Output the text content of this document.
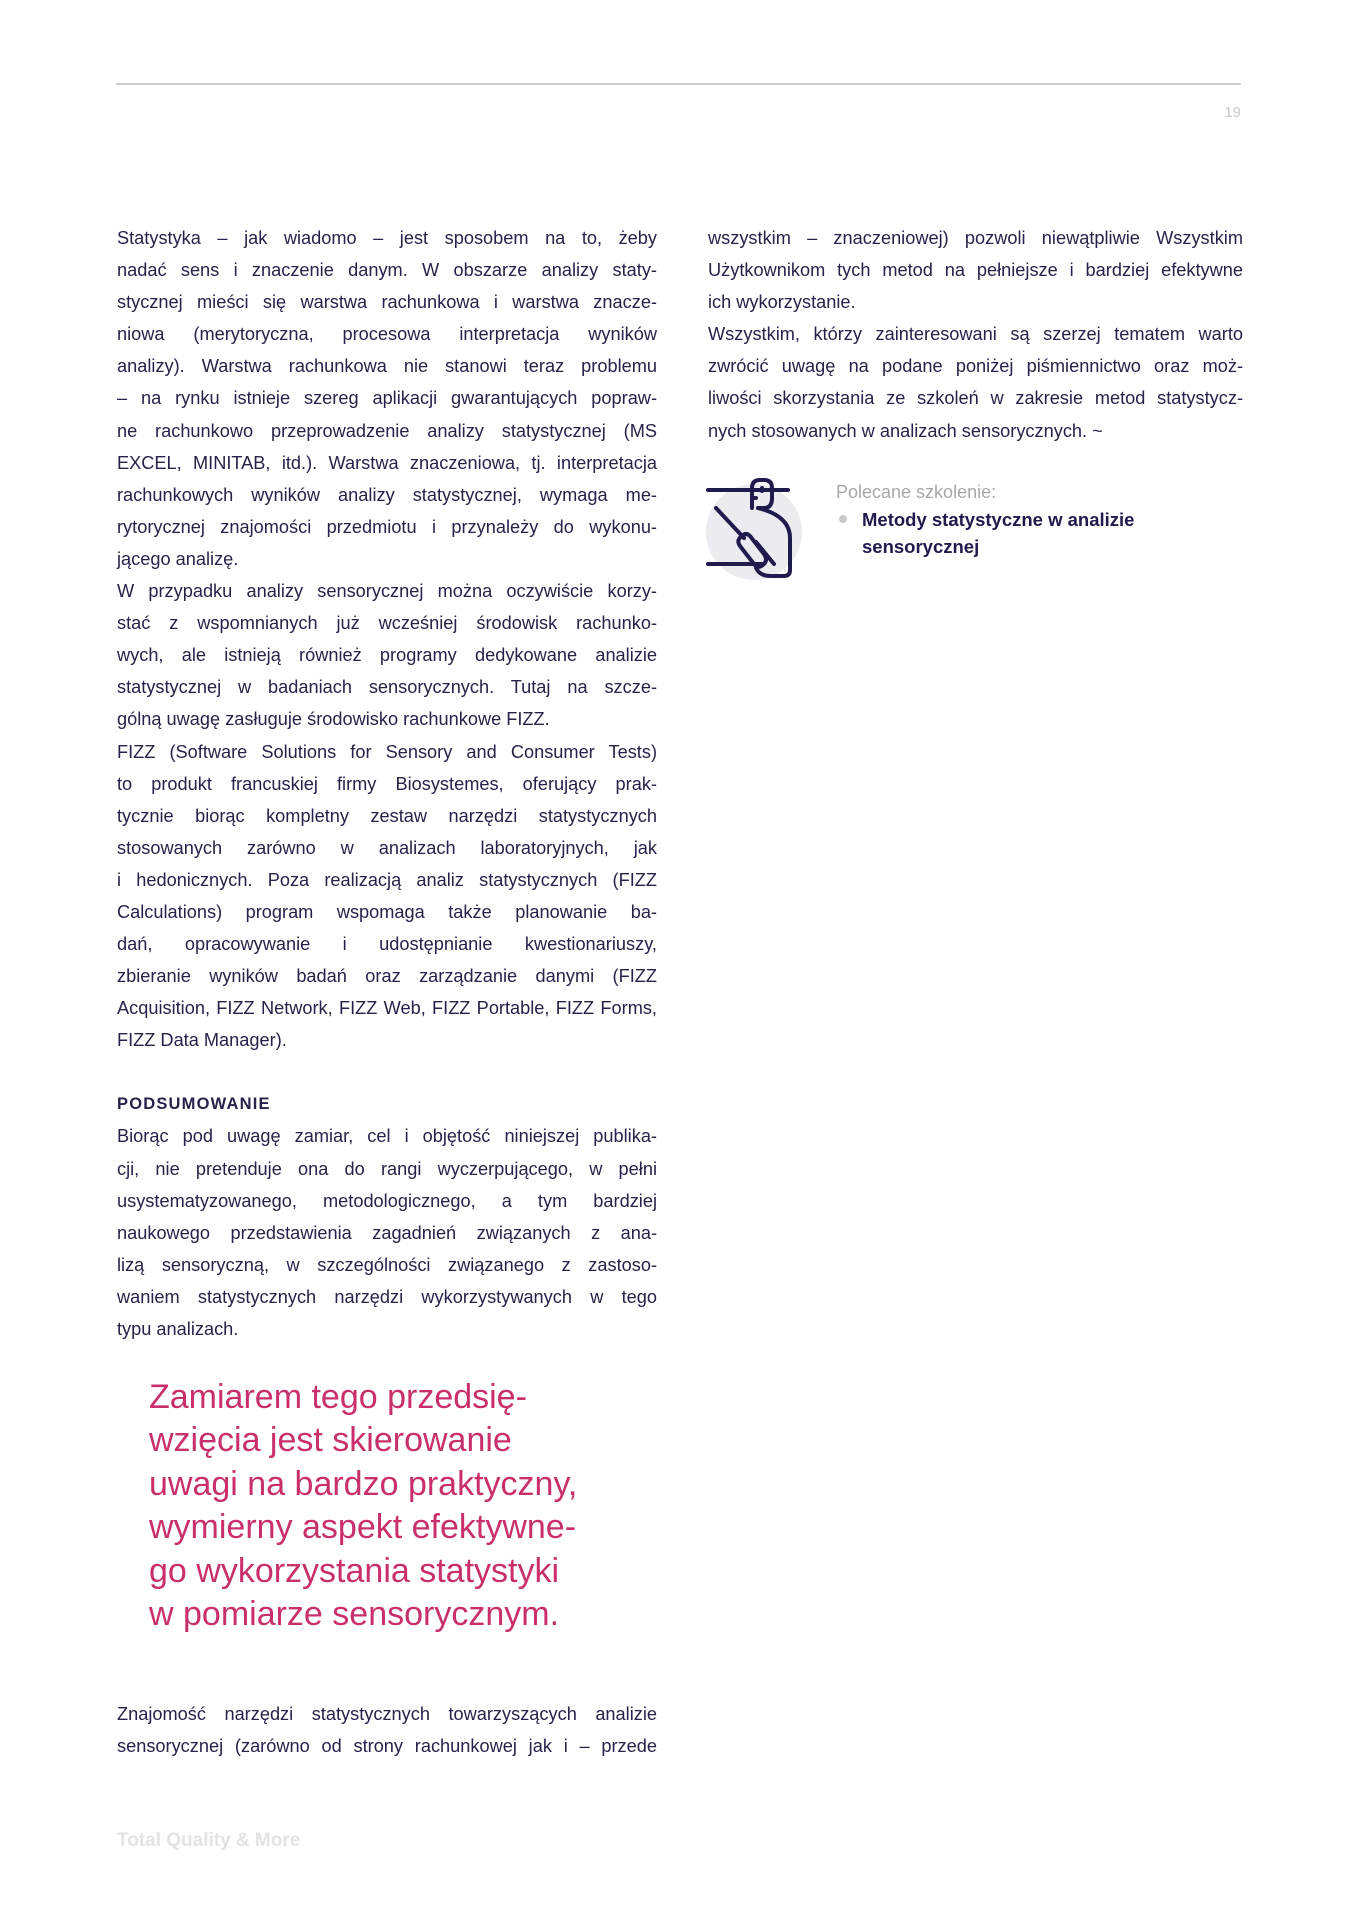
19

Statystyka – jak wiadomo – jest sposobem na to, żeby
nadać sens i znaczenie danym. W obszarze analizy staty-
stycznej mieści się warstwa rachunkowa i warstwa znacze-
niowa (merytoryczna, procesowa interpretacja wyników
analizy). Warstwa rachunkowa nie stanowi teraz problemu
– na rynku istnieje szereg aplikacji gwarantujących popraw-
ne rachunkowo przeprowadzenie analizy statystycznej (MS
EXCEL, MINITAB, itd.). Warstwa znaczeniowa, tj. interpretacja
rachunkowych wyników analizy statystycznej, wymaga me-
rytorycznej znajomości przedmiotu i przynależy do wykonu-
jącego analizę.

W przypadku analizy sensorycznej można oczywiście korzy-
stać z wspomnianych już wcześniej środowisk rachunko-
wych, ale istnieją również programy dedykowane analizie
statystycznej w badaniach sensorycznych. Tutaj na szcze-
gólną uwagę zasługuje środowisko rachunkowe FIZZ.

FIZZ (Software Solutions for Sensory and Consumer Tests)
to produkt francuskiej firmy Biosystemes, oferujący prak-
tycznie biorąc kompletny zestaw narzędzi statystycznych
stosowanych zarówno w analizach laboratoryjnych, jak
i hedonicznych. Poza realizacją analiz statystycznych (FIZZ
Calculations) program wspomaga także planowanie ba-
dań, opracowywanie i udostępnianie kwestionariuszy,
zbieranie wyników badań oraz zarządzanie danymi (FIZZ
Acquisition, FIZZ Network, FIZZ Web, FIZZ Portable, FIZZ Forms,
FIZZ Data Manager).

PODSUMOWANIE

Biorąc pod uwagę zamiar, cel i objętość niniejszej publika-
cji, nie pretenduje ona do rangi wyczerpującego, w pełni
usystematyzowanego, metodologicznego, a tym bardziej
naukowego przedstawienia zagadnień związanych z ana-
lizą sensoryczną, w szczególności związanego z zastoso-
waniem statystycznych narzędzi wykorzystywanych w tego
typu analizach.

Zamiarem tego przedsię-
wzięcia jest skierowanie
uwagi na bardzo praktyczny,
wymierny aspekt efektywne-
go wykorzystania statystyki
w pomiarze sensorycznym.

Znajomość narzędzi statystycznych towarzyszących analizie
sensorycznej (zarówno od strony rachunkowej jak i – przede

wszystkim – znaczeniowej) pozwoli niewątpliwie Wszystkim
Użytkownikom tych metod na pełniejsze i bardziej efektywne
ich wykorzystanie.

Wszystkim, którzy zainteresowani są szerzej tematem warto
zwrócić uwagę na podane poniżej piśmiennictwo oraz moż-
liwości skorzystania ze szkoleń w zakresie metod statystycz-
nych stosowanych w analizach sensorycznych. ~

Polecane szkolenie:
Metody statystyczne w analizie
sensorycznej
Total Quality & More
